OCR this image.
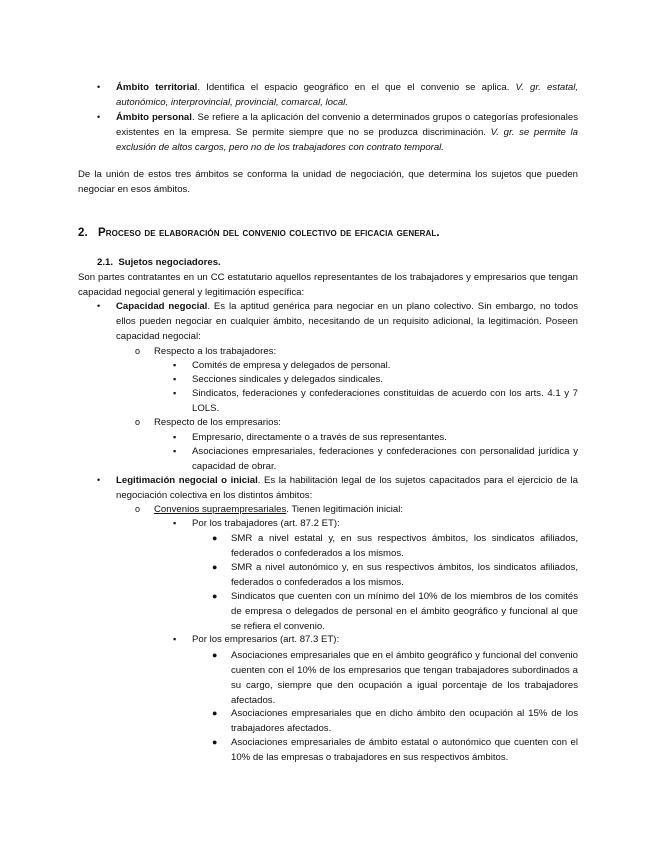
• Ámbito territorial. Identifica el espacio geográfico en el que el convenio se aplica. V. gr. estatal, autonómico, interprovincial, provincial, comarcal, local.
• Ámbito personal. Se refiere a la aplicación del convenio a determinados grupos o categorías profesionales existentes en la empresa. Se permite siempre que no se produzca discriminación. V. gr. se permite la exclusión de altos cargos, pero no de los trabajadores con contrato temporal.
De la unión de estos tres ámbitos se conforma la unidad de negociación, que determina los sujetos que pueden negociar en esos ámbitos.
2. Proceso de elaboración del convenio colectivo de eficacia general.
2.1. Sujetos negociadores.
Son partes contratantes en un CC estatutario aquellos representantes de los trabajadores y empresarios que tengan capacidad negocial general y legitimación específica:
• Capacidad negocial. Es la aptitud genérica para negociar en un plano colectivo. Sin embargo, no todos ellos pueden negociar en cualquier ámbito, necesitando de un requisito adicional, la legitimación. Poseen capacidad negocial:
o Respecto a los trabajadores:
▪ Comités de empresa y delegados de personal.
▪ Secciones sindicales y delegados sindicales.
▪ Sindicatos, federaciones y confederaciones constituidas de acuerdo con los arts. 4.1 y 7 LOLS.
o Respecto de los empresarios:
▪ Empresario, directamente o a través de sus representantes.
▪ Asociaciones empresariales, federaciones y confederaciones con personalidad jurídica y capacidad de obrar.
• Legitimación negocial o inicial. Es la habilitación legal de los sujetos capacitados para el ejercicio de la negociación colectiva en los distintos ámbitos:
o Convenios supraempresariales. Tienen legitimación inicial:
▪ Por los trabajadores (art. 87.2 ET):
● SMR a nivel estatal y, en sus respectivos ámbitos, los sindicatos afiliados, federados o confederados a los mismos.
● SMR a nivel autonómico y, en sus respectivos ámbitos, los sindicatos afiliados, federados o confederados a los mismos.
● Sindicatos que cuenten con un mínimo del 10% de los miembros de los comités de empresa o delegados de personal en el ámbito geográfico y funcional al que se refiera el convenio.
▪ Por los empresarios (art. 87.3 ET):
● Asociaciones empresariales que en el ámbito geográfico y funcional del convenio cuenten con el 10% de los empresarios que tengan trabajadores subordinados a su cargo, siempre que den ocupación a igual porcentaje de los trabajadores afectados.
● Asociaciones empresariales que en dicho ámbito den ocupación al 15% de los trabajadores afectados.
● Asociaciones empresariales de ámbito estatal o autonómico que cuenten con el 10% de las empresas o trabajadores en sus respectivos ámbitos.
